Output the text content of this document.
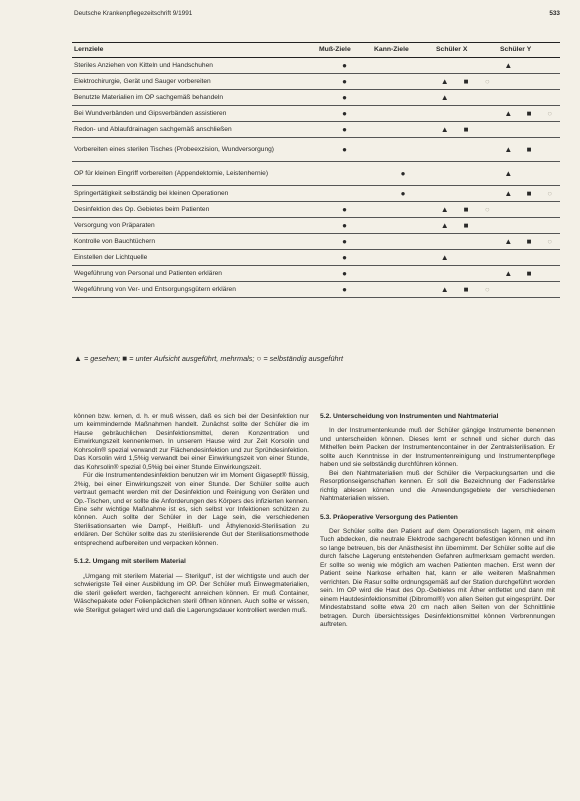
Deutsche Krankenpflegezeitschrift 9/1991	533
Lernziele	Muß-Ziele	Kann-Ziele	Schüler X	Schüler Y
Steriles Anziehen von Kitteln und Handschuhen	●			▲

Elektrochirurgie, Gerät und Sauger vorbereiten	●		▲ ■ ○	

Benutzte Materialien im OP sachgemäß behandeln	●		▲	

Bei Wundverbänden und Gipsverbänden assistieren	●			▲ ■ ○

Redon- und Ablaufdrainagen sachgemäß anschließen	●		▲ ■	

Vorbereiten eines sterilen Tisches (Probeexzision, Wundversorgung)	●			▲ ■

OP für kleinen Eingriff vorbereiten (Appendektomie, Leistenhernie)		●		▲

Springertätigkeit selbständig bei kleinen Operationen		●		▲ ■ ○

Desinfektion des Op. Gebietes beim Patienten	●		▲ ■ ○	

Versorgung von Präparaten	●		▲ ■	

Kontrolle von Bauchtüchern	●			▲ ■ ○

Einstellen der Lichtquelle	●		▲	

Wegeführung von Personal und Patienten erklären	●			▲ ■

Wegeführung von Ver- und Entsorgungsgütern erklären	●		▲ ■ ○	

▲ = gesehen; ■ = unter Aufsicht ausgeführt, mehrmals; ○ = selbständig ausgeführt

können bzw. lernen, d. h. er muß wissen, daß es sich bei der Desinfektion nur um keimmindernde Maßnahmen handelt. Zunächst sollte der Schüler die im Hause gebräuchlichen Desinfektionsmittel, deren Konzentration und Einwirkungszeit kennenlernen. In unserem Hause wird zur Zeit Korsolin und Kohrsolin® spezial verwandt zur Flächendesinfektion und zur Sprühdesinfektion. Das Korsolin wird 1,5%ig verwandt bei einer Einwirkungszeit von einer Stunde, das Kohrsolin® spezial 0,5%ig bei einer Stunde Einwirkungszeit.

Für die Instrumentendesinfektion benutzen wir im Moment Gigasept® flüssig, 2%ig, bei einer Einwirkungszeit von einer Stunde. Der Schüler sollte auch vertraut gemacht werden mit der Desinfektion und Reinigung von Geräten und Op.-Tischen, und er sollte die Anforderungen des Körpers des infizierten kennen. Eine sehr wichtige Maßnahme ist es, sich selbst vor Infektionen schützen zu können. Auch sollte der Schüler in der Lage sein, die verschiedenen Sterilisationsarten wie Dampf-, Heißluft- und Äthylenoxid-Sterilisation zu erklären. Der Schüler sollte das zu sterilisierende Gut der Sterilisationsmethode entsprechend aufbereiten und verpacken können.

5.1.2. Umgang mit sterilem Material

„Umgang mit sterilem Material — Sterilgut“, ist der wichtigste und auch der schwierigste Teil einer Ausbildung im OP. Der Schüler muß Einwegmaterialien, die steril geliefert werden, fachgerecht anreichen können. Er muß Container, Wäschepakete oder Folienpäckchen steril öffnen können. Auch sollte er wissen, wie Sterilgut gelagert wird und daß die Lagerungsdauer kontrolliert werden muß.

5.2. Unterscheidung von Instrumenten und Nahtmaterial

In der Instrumentenkunde muß der Schüler gängige Instrumente benennen und unterscheiden können. Dieses lernt er schnell und sicher durch das Mithelfen beim Packen der Instrumentencontainer in der Zentralsterilisation. Er sollte auch Kenntnisse in der Instrumentenreinigung und Instrumentenpflege haben und sie selbständig durchführen können.

Bei den Nahtmaterialien muß der Schüler die Verpackungsarten und die Resorptionseigenschaften kennen. Er soll die Bezeichnung der Fadenstärke richtig ablesen können und die Anwendungsgebiete der verschiedenen Nahtmaterialien wissen.

5.3. Präoperative Versorgung des Patienten

Der Schüler sollte den Patient auf dem Operationstisch lagern, mit einem Tuch abdecken, die neutrale Elektrode sachgerecht befestigen können und ihn so lange betreuen, bis der Anästhesist ihn übernimmt. Der Schüler sollte auf die durch falsche Lagerung entstehenden Gefahren aufmerksam gemacht werden. Er sollte so wenig wie möglich am wachen Patienten machen. Erst wenn der Patient seine Narkose erhalten hat, kann er alle weiteren Maßnahmen verrichten. Die Rasur sollte ordnungsgemäß auf der Station durchgeführt worden sein. Im OP wird die Haut des Op.-Gebietes mit Äther entfettet und dann mit einem Hautdesinfektionsmittel (Dibromol®) von allen Seiten gut eingesprüht. Der Mindestabstand sollte etwa 20 cm nach allen Seiten von der Schnittlinie betragen. Durch übersichtssiges Desinfektionsmittel können Verbrennungen auftreten.
